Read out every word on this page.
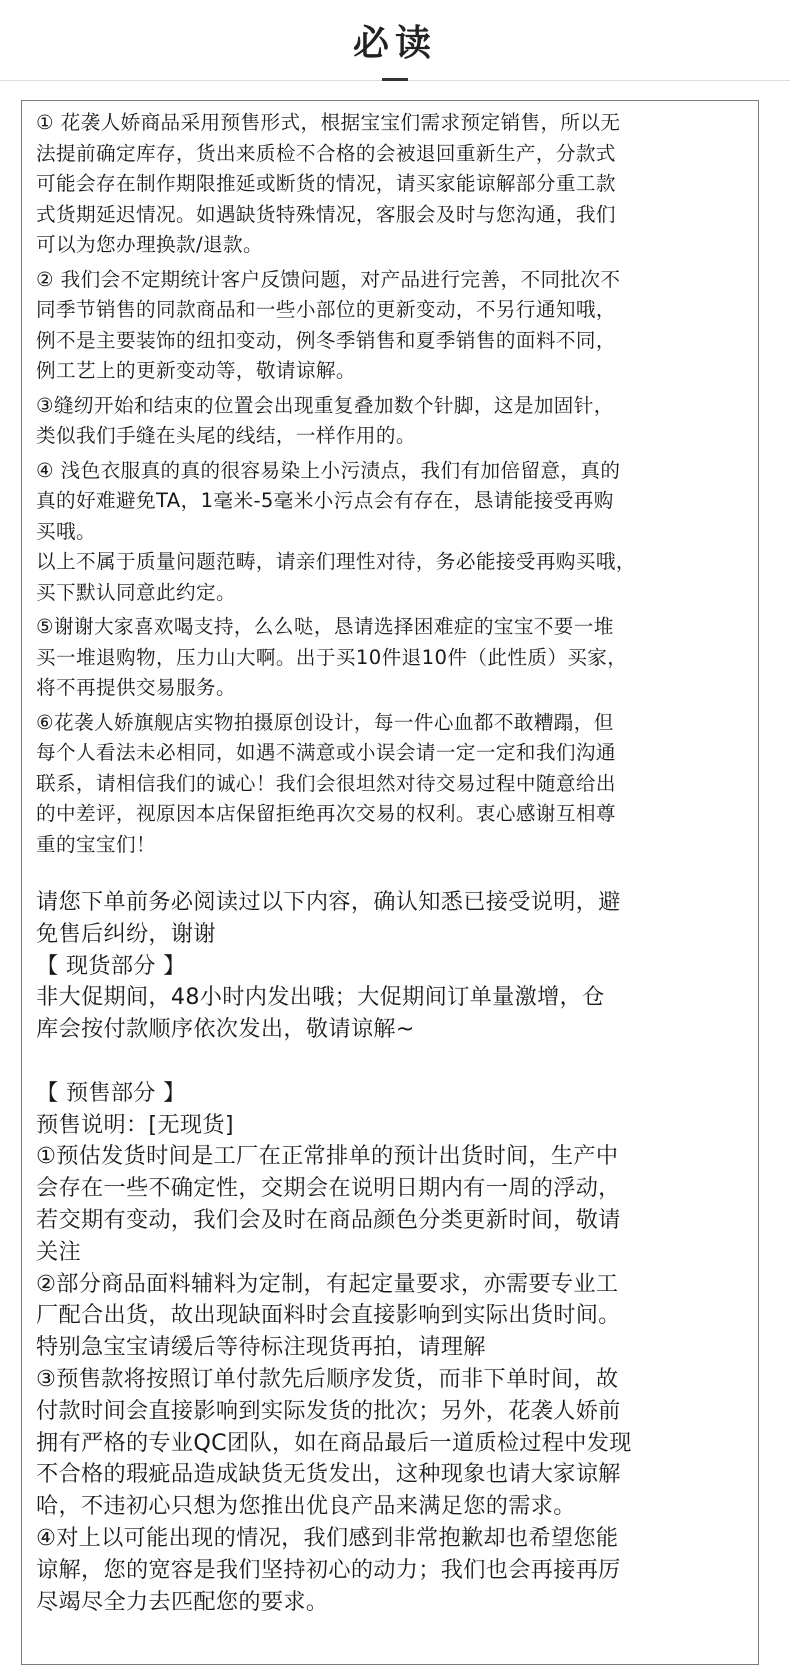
必读

① 花袭人娇商品采用预售形式，根据宝宝们需求预定销售，所以无
法提前确定库存，货出来质检不合格的会被退回重新生产，分款式
可能会存在制作期限推延或断货的情况，请买家能谅解部分重工款
式货期延迟情况。如遇缺货特殊情况，客服会及时与您沟通，我们
可以为您办理换款/退款。

② 我们会不定期统计客户反馈问题，对产品进行完善，不同批次不
同季节销售的同款商品和一些小部位的更新变动，不另行通知哦，
例不是主要装饰的纽扣变动，例冬季销售和夏季销售的面料不同，
例工艺上的更新变动等，敬请谅解。

③缝纫开始和结束的位置会出现重复叠加数个针脚，这是加固针，
类似我们手缝在头尾的线结，一样作用的。

④ 浅色衣服真的真的很容易染上小污渍点，我们有加倍留意，真的
真的好难避免TA，1毫米-5毫米小污点会有存在，恳请能接受再购
买哦。
以上不属于质量问题范畴，请亲们理性对待，务必能接受再购买哦，
买下默认同意此约定。

⑤谢谢大家喜欢喝支持，么么哒，恳请选择困难症的宝宝不要一堆
买一堆退购物，压力山大啊。出于买10件退10件（此性质）买家，
将不再提供交易服务。

⑥花袭人娇旗舰店实物拍摄原创设计，每一件心血都不敢糟蹋，但
每个人看法未必相同，如遇不满意或小误会请一定一定和我们沟通
联系，请相信我们的诚心！我们会很坦然对待交易过程中随意给出
的中差评，视原因本店保留拒绝再次交易的权利。衷心感谢互相尊
重的宝宝们！

请您下单前务必阅读过以下内容，确认知悉已接受说明，避
免售后纠纷，谢谢

【 现货部分 】

非大促期间，48小时内发出哦；大促期间订单量激增，仓
库会按付款顺序依次发出，敬请谅解~

【 预售部分 】

预售说明：[无现货]

①预估发货时间是工厂在正常排单的预计出货时间，生产中
会存在一些不确定性，交期会在说明日期内有一周的浮动，
若交期有变动，我们会及时在商品颜色分类更新时间，敬请
关注

②部分商品面料辅料为定制，有起定量要求，亦需要专业工
厂配合出货，故出现缺面料时会直接影响到实际出货时间。
特别急宝宝请缓后等待标注现货再拍，请理解

③预售款将按照订单付款先后顺序发货，而非下单时间，故
付款时间会直接影响到实际发货的批次；另外，花袭人娇前
拥有严格的专业QC团队，如在商品最后一道质检过程中发现
不合格的瑕疵品造成缺货无货发出，这种现象也请大家谅解
哈，不违初心只想为您推出优良产品来满足您的需求。

④对上以可能出现的情况，我们感到非常抱歉却也希望您能
谅解，您的宽容是我们坚持初心的动力；我们也会再接再厉
尽竭尽全力去匹配您的要求。
